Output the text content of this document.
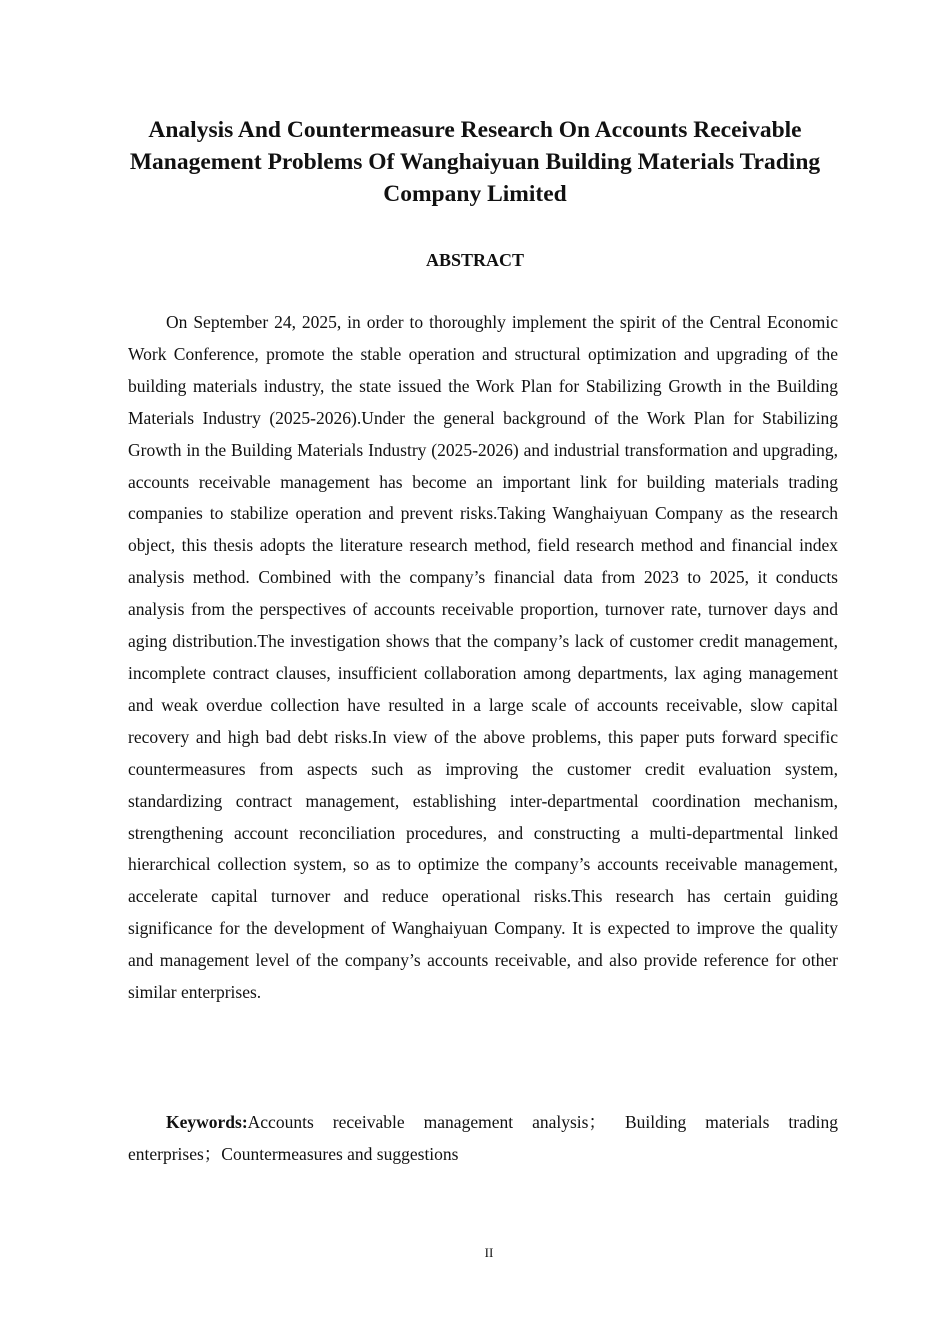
Analysis And Countermeasure Research On Accounts Receivable Management Problems Of Wanghaiyuan Building Materials Trading Company Limited
ABSTRACT

On September 24, 2025, in order to thoroughly implement the spirit of the Central Economic Work Conference, promote the stable operation and structural optimization and upgrading of the building materials industry, the state issued the Work Plan for Stabilizing Growth in the Building Materials Industry (2025-2026).Under the general background of the Work Plan for Stabilizing Growth in the Building Materials Industry (2025-2026) and industrial transformation and upgrading, accounts receivable management has become an important link for building materials trading companies to stabilize operation and prevent risks.Taking Wanghaiyuan Company as the research object, this thesis adopts the literature research method, field research method and financial index analysis method. Combined with the company’s financial data from 2023 to 2025, it conducts analysis from the perspectives of accounts receivable proportion, turnover rate, turnover days and aging distribution.The investigation shows that the company’s lack of customer credit management, incomplete contract clauses, insufficient collaboration among departments, lax aging management and weak overdue collection have resulted in a large scale of accounts receivable, slow capital recovery and high bad debt risks.In view of the above problems, this paper puts forward specific countermeasures from aspects such as improving the customer credit evaluation system, standardizing contract management, establishing inter-departmental coordination mechanism, strengthening account reconciliation procedures, and constructing a multi-departmental linked hierarchical collection system, so as to optimize the company’s accounts receivable management, accelerate capital turnover and reduce operational risks.This research has certain guiding significance for the development of Wanghaiyuan Company. It is expected to improve the quality and management level of the company’s accounts receivable, and also provide reference for other similar enterprises.

Keywords:Accounts receivable management analysis； Building materials trading enterprises；Countermeasures and suggestions

II
